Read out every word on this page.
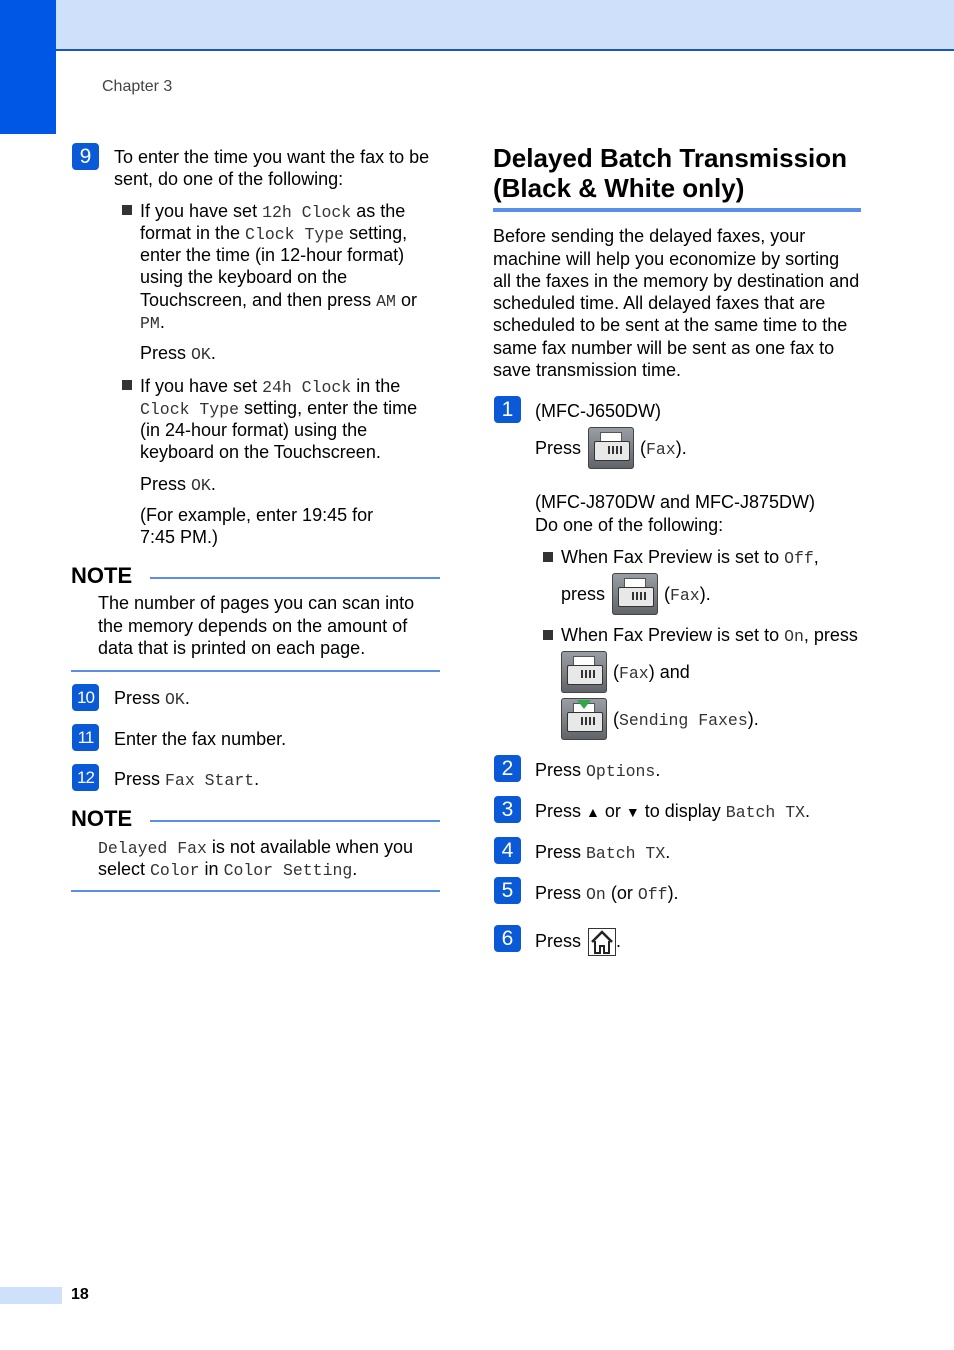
Chapter 3
18
9	To enter the time you want the fax to be
sent, do one of the following:
If you have set 12h Clock as the
format in the Clock Type setting,
enter the time (in 12-hour format)
using the keyboard on the
Touchscreen, and then press AM or
PM.
Press OK.
If you have set 24h Clock in the
Clock Type setting, enter the time
(in 24-hour format) using the
keyboard on the Touchscreen.
Press OK.
(For example, enter 19:45 for
7:45 PM.)
NOTE
The number of pages you can scan into
the memory depends on the amount of
data that is printed on each page.
10 Press OK.
11	Enter the fax number.
12 Press Fax Start.
NOTE
Delayed Fax is not available when you
select Color in Color Setting.
Delayed Batch Transmission
(Black & White only)
Before sending the delayed faxes, your
machine will help you economize by sorting
all the faxes in the memory by destination and
scheduled time. All delayed faxes that are
scheduled to be sent at the same time to the
same fax number will be sent as one fax to
save transmission time.
1	(MFC-J650DW)
Press	(Fax).
(MFC-J870DW and MFC-J875DW)
Do one of the following:
When Fax Preview is set to Off,
press	(Fax).
When Fax Preview is set to On, press
(Fax) and
(Sending Faxes).
2	Press Options.
3	Press ▲ or ▼ to display Batch TX.
4	Press Batch TX.
5	Press On (or Off).
6	Press .
